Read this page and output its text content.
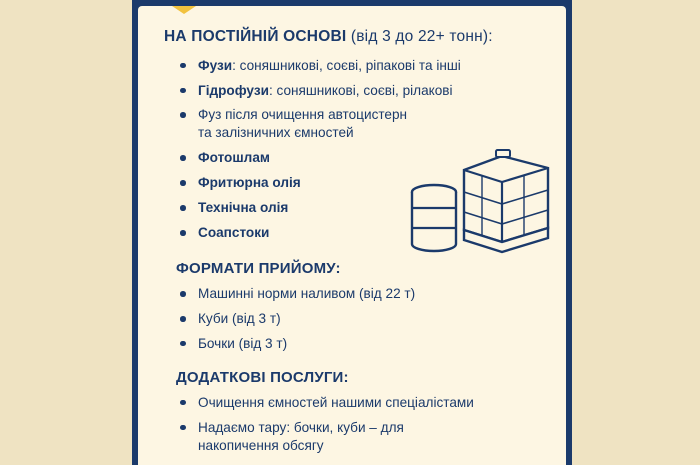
НА ПОСТІЙНІЙ ОСНОВІ (від 3 до 22+ тонн):
Фузи: соняшникові, соєві, ріпакові та інші
Гідрофузи: соняшникові, соєві, рілакові
Фуз після очищення автоцистерн
та залізничних ємностей
Фотошлам
Фритюрна олія
Технічна олія
Соапстоки
ФОРМАТИ ПРИЙОМУ:
Машинні норми наливом (від 22 т)
Куби (від 3 т)
Бочки (від 3 т)
ДОДАТКОВІ ПОСЛУГИ:
Очищення ємностей нашими спеціалістами
Надаємо тару: бочки, куби – для
накопичення обсягу
